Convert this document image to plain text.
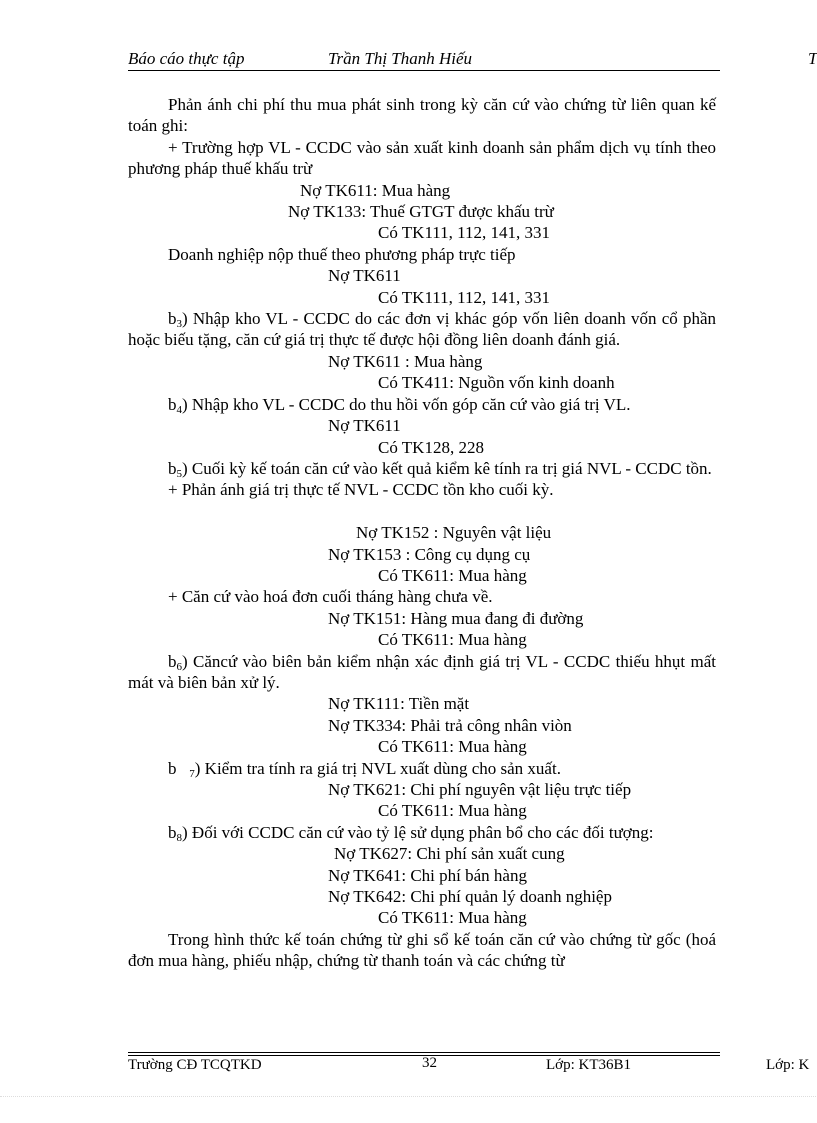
Báo cáo thực tập	Trần Thị Thanh Hiếu	T

Phản ánh chi phí thu mua phát sinh trong kỳ căn cứ vào chứng từ liên quan kế toán ghi:

+ Trường hợp VL - CCDC vào sản xuất kinh doanh sản phẩm dịch vụ tính theo phương pháp thuế khấu trừ

Nợ TK611: Mua hàng

Nợ TK133: Thuế GTGT được khấu trừ

Có TK111, 112, 141, 331

Doanh nghiệp nộp thuế theo phương pháp trực tiếp

Nợ TK611

Có TK111, 112, 141, 331

$b_3$) Nhập kho VL - CCDC do các đơn vị khác góp vốn liên doanh vốn cổ phần hoặc biếu tặng, căn cứ giá trị thực tế được hội đồng liên doanh đánh giá.

Nợ TK611 : Mua hàng

Có TK411: Nguồn vốn kinh doanh

$b_4$) Nhập kho VL - CCDC do thu hồi vốn góp căn cứ vào giá trị VL.

Nợ TK611

Có TK128, 228

$b_5$) Cuối kỳ kế toán căn cứ vào kết quả kiểm kê tính ra trị giá NVL - CCDC tồn.

+ Phản ánh giá trị thực tế NVL - CCDC tồn kho cuối kỳ.

Nợ TK152 : Nguyên vật liệu

Nợ TK153 : Công cụ dụng cụ

Có TK611: Mua hàng

+ Căn cứ vào hoá đơn cuối tháng hàng chưa về.

Nợ TK151: Hàng mua đang đi đường

Có TK611: Mua hàng

$b_6$) Căncứ vào biên bản kiểm nhận xác định giá trị VL - CCDC thiếu hhụt mất mát và biên bản xử lý.

Nợ TK111: Tiền mặt

Nợ TK334: Phải trả công nhân viòn

Có TK611: Mua hàng

b $_7$) Kiểm tra tính ra giá trị NVL xuất dùng cho sản xuất.

Nợ TK621: Chi phí nguyên vật liệu trực tiếp

Có TK611: Mua hàng

$b_8$) Đối với CCDC căn cứ vào tỷ lệ sử dụng phân bổ cho các đối tượng:

Nợ TK627: Chi phí sản xuất cung

Nợ TK641: Chi phí bán hàng

Nợ TK642: Chi phí quản lý doanh nghiệp

Có TK611: Mua hàng

Trong hình thức kế toán chứng từ ghi sổ kế toán căn cứ vào chứng từ gốc (hoá đơn mua hàng, phiếu nhập, chứng từ thanh toán và các chứng từ

Trường CĐ TCQTKD	32	Lớp: KT36B1	Lớp: K
